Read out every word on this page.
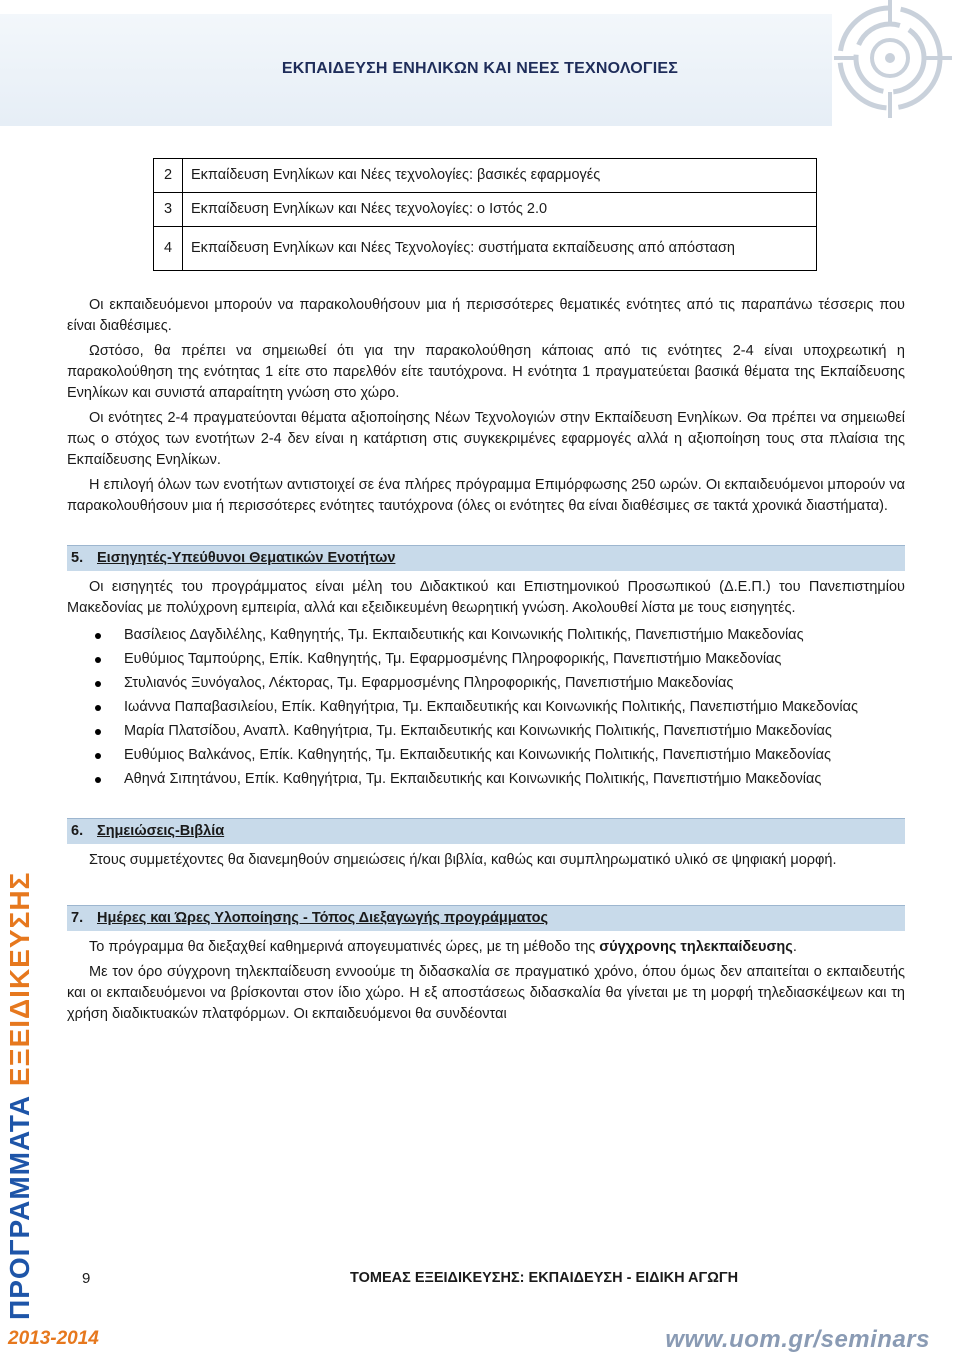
ΕΚΠΑΙΔΕΥΣΗ ΕΝΗΛΙΚΩΝ ΚΑΙ ΝΕΕΣ ΤΕΧΝΟΛΟΓΙΕΣ
ΠΡΟΓΡΑΜΜΑΤΑ ΕΞΕΙΔΙΚΕΥΣΗΣ
2	Εκπαίδευση Ενηλίκων και Νέες τεχνολογίες: βασικές εφαρμογές
3	Εκπαίδευση Ενηλίκων και Νέες τεχνολογίες: ο Ιστός 2.0
4	Εκπαίδευση Ενηλίκων και Νέες Τεχνολογίες: συστήματα εκπαίδευσης από απόσταση

Οι εκπαιδευόμενοι μπορούν να παρακολουθήσουν μια ή περισσότερες θεματικές ενότητες από τις παραπάνω τέσσερις που είναι διαθέσιμες.

Ωστόσο, θα πρέπει να σημειωθεί ότι για την παρακολούθηση κάποιας από τις ενότητες 2-4 είναι υποχρεωτική η παρακολούθηση της ενότητας 1 είτε στο παρελθόν είτε ταυτόχρονα. Η ενότητα 1 πραγματεύεται βασικά θέματα της Εκπαίδευσης Ενηλίκων και συνιστά απαραίτητη γνώση στο χώρο.

Οι ενότητες 2-4 πραγματεύονται θέματα αξιοποίησης Νέων Τεχνολογιών στην Εκπαίδευση Ενηλίκων. Θα πρέπει να σημειωθεί πως ο στόχος των ενοτήτων 2-4 δεν είναι η κατάρτιση στις συγκεκριμένες εφαρμογές αλλά η αξιοποίηση τους στα πλαίσια της Εκπαίδευσης Ενηλίκων.

Η επιλογή όλων των ενοτήτων αντιστοιχεί σε ένα πλήρες πρόγραμμα Επιμόρφωσης 250 ωρών. Οι εκπαιδευόμενοι μπορούν να παρακολουθήσουν μια ή περισσότερες ενότητες ταυτόχρονα (όλες οι ενότητες θα είναι διαθέσιμες σε τακτά χρονικά διαστήματα).

5. Εισηγητές-Υπεύθυνοι Θεματικών Ενοτήτων

Οι εισηγητές του προγράμματος είναι μέλη του Διδακτικού και Επιστημονικού Προσωπικού (Δ.Ε.Π.) του Πανεπιστημίου Μακεδονίας με πολύχρονη εμπειρία, αλλά και εξειδικευμένη θεωρητική γνώση. Ακολουθεί λίστα με τους εισηγητές.

Βασίλειος Δαγδιλέλης, Καθηγητής, Τμ. Εκπαιδευτικής και Κοινωνικής Πολιτικής, Πανεπιστήμιο Μακεδονίας
Ευθύμιος Ταμπούρης, Επίκ. Καθηγητής, Τμ. Εφαρμοσμένης Πληροφορικής, Πανεπιστήμιο Μακεδονίας
Στυλιανός Ξυνόγαλος, Λέκτορας, Τμ. Εφαρμοσμένης Πληροφορικής, Πανεπιστήμιο Μακεδονίας
Ιωάννα Παπαβασιλείου, Επίκ. Καθηγήτρια, Τμ. Εκπαιδευτικής και Κοινωνικής Πολιτικής, Πανεπιστήμιο Μακεδονίας
Μαρία Πλατσίδου, Αναπλ. Καθηγήτρια, Τμ. Εκπαιδευτικής και Κοινωνικής Πολιτικής, Πανεπιστήμιο Μακεδονίας
Ευθύμιος Βαλκάνος, Επίκ. Καθηγητής, Τμ. Εκπαιδευτικής και Κοινωνικής Πολιτικής, Πανεπιστήμιο Μακεδονίας
Αθηνά Σιπητάνου, Επίκ. Καθηγήτρια, Τμ. Εκπαιδευτικής και Κοινωνικής Πολιτικής, Πανεπιστήμιο Μακεδονίας
6. Σημειώσεις-Βιβλία

Στους συμμετέχοντες θα διανεμηθούν σημειώσεις ή/και βιβλία, καθώς και συμπληρωματικό υλικό σε ψηφιακή μορφή.

7. Ημέρες και Ώρες Υλοποίησης - Τόπος Διεξαγωγής προγράμματος

Το πρόγραμμα θα διεξαχθεί καθημερινά απογευματινές ώρες, με τη μέθοδο της σύγχρονης τηλεκπαίδευσης.

Με τον όρο σύγχρονη τηλεκπαίδευση εννοούμε τη διδασκαλία σε πραγματικό χρόνο, όπου όμως δεν απαιτείται ο εκπαιδευτής και οι εκπαιδευόμενοι να βρίσκονται στον ίδιο χώρο. Η εξ αποστάσεως διδασκαλία θα γίνεται με τη μορφή τηλεδιασκέψεων και τη χρήση διαδικτυακών πλατφόρμων. Οι εκπαιδευόμενοι θα συνδέονται

9	ΤΟΜΕΑΣ ΕΞΕΙΔΙΚΕΥΣΗΣ: ΕΚΠΑΙΔΕΥΣΗ - ΕΙΔΙΚΗ ΑΓΩΓΗ
2013-2014	www.uom.gr/seminars
